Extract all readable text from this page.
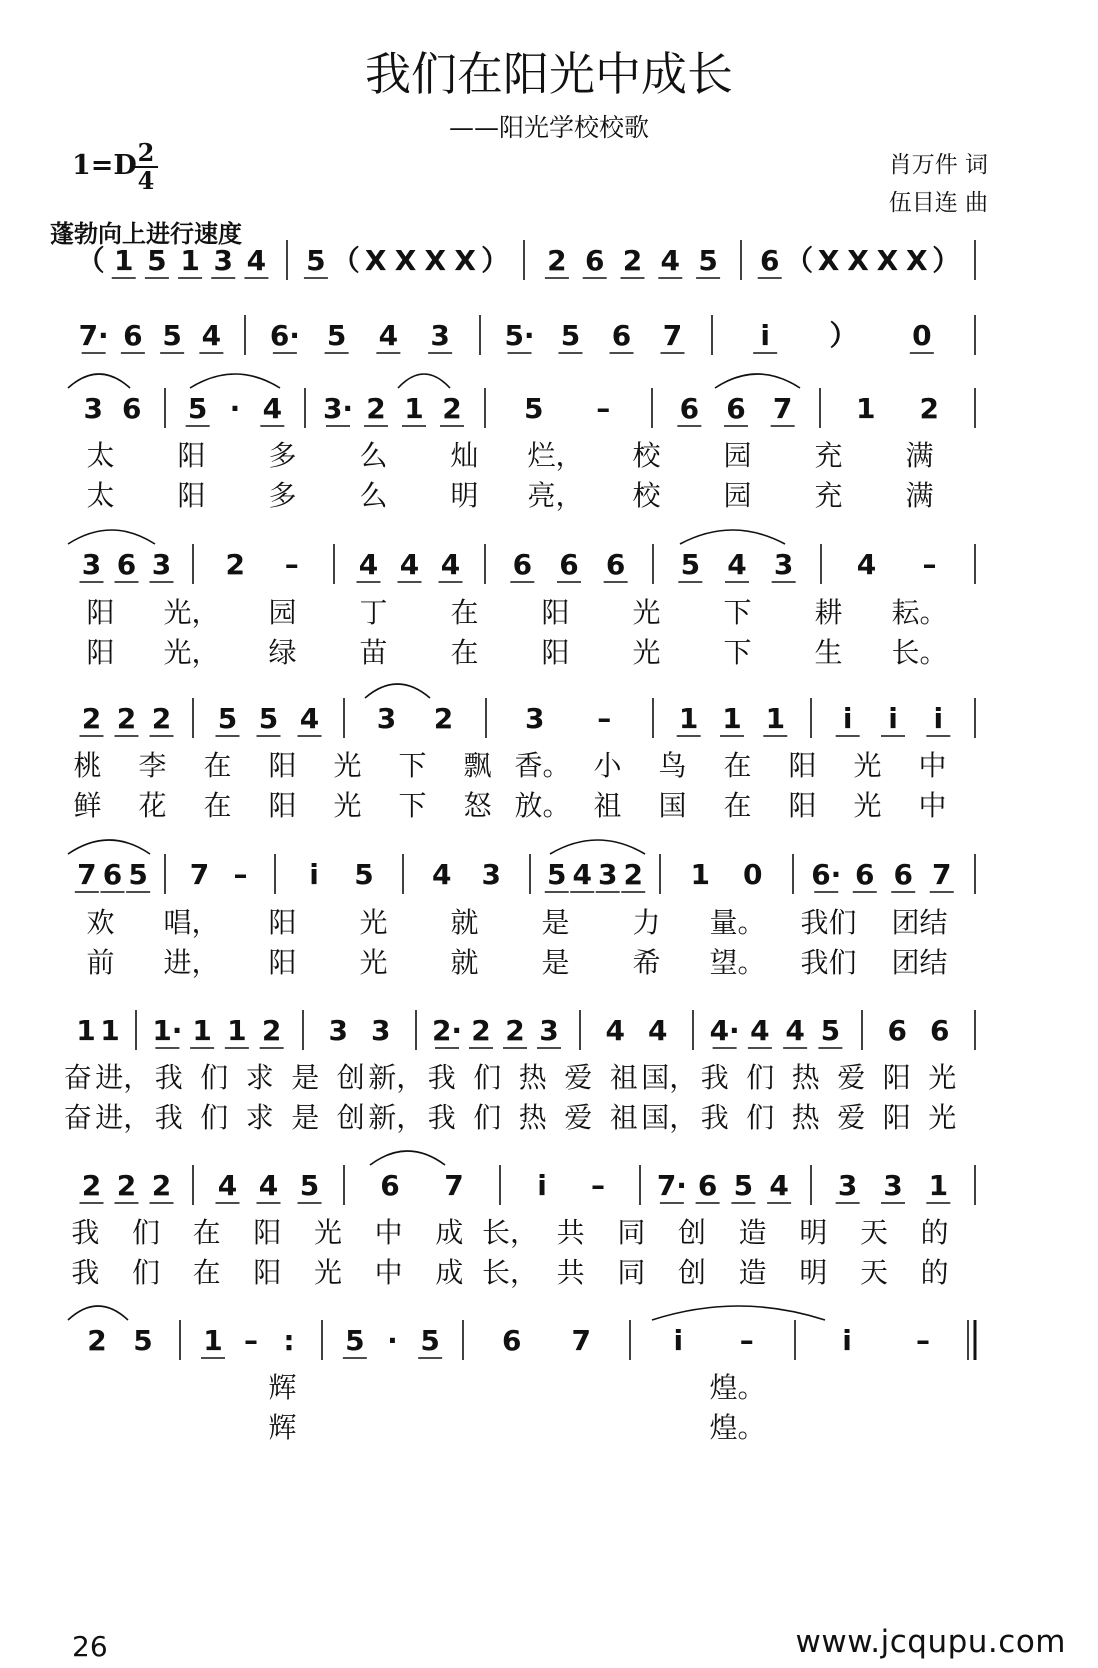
我们在阳光中成长
——阳光学校校歌
1=D 2
4
肖万件 词
伍目连 曲
蓬勃向上进行速度
（ 1 5 1 3 4 5 （ X X X X ） 2 6 2 4 5 6 （ X X X X ）
7· 6 5 4 6· 5 4 3 5· 5 6 7	i ） 0
3 6 5 · 4 3· 2 1 2 5 – 6 6 7 1 2
太 阳 多 么 灿 烂， 校 园 充 满
太 阳 多 么 明 亮， 校 园 充 满
3 6 3 2 – 4 4 4 6 6 6 5 4 3 4 –
阳 光， 园 丁 在 阳 光 下 耕 耘。
阳 光， 绿 苗 在 阳 光 下 生 长。
2 2 2 5 5 4 3 2	3 – 1 1 1 i i i
桃 李 在 阳 光 下 飘 香。 小 鸟 在 阳 光 中
鲜 花 在 阳 光 下 怒 放。 祖 国 在 阳 光 中
7 6 5 7 – i 5 4 3 5 4 3 2 1 0 6· 6 6 7
欢 唱， 阳 光 就 是 力 量。 我们 团结
前 进， 阳 光 就 是 希 望。 我们 团结
1 1 1· 1 1 2 3 3 2· 2 2 3 4 4 4· 4 4 5 6 6
奋 进， 我 们 求 是 创 新， 我 们 热 爱 祖 国， 我 们 热 爱 阳 光
奋 进， 我 们 求 是 创 新， 我 们 热 爱 祖 国， 我 们 热 爱 阳 光
2 2 2 4 4 5 6 7	i – 7· 6 5 4 3 3 1
我 们 在 阳 光 中 成 长， 共 同 创 造 明 天 的
我 们 在 阳 光 中 成 长， 共 同 创 造 明 天 的
2 5 1 – : 5 · 5 6 7	i –	i –
辉	煌。
辉	煌。
26	www.jcqupu.com
